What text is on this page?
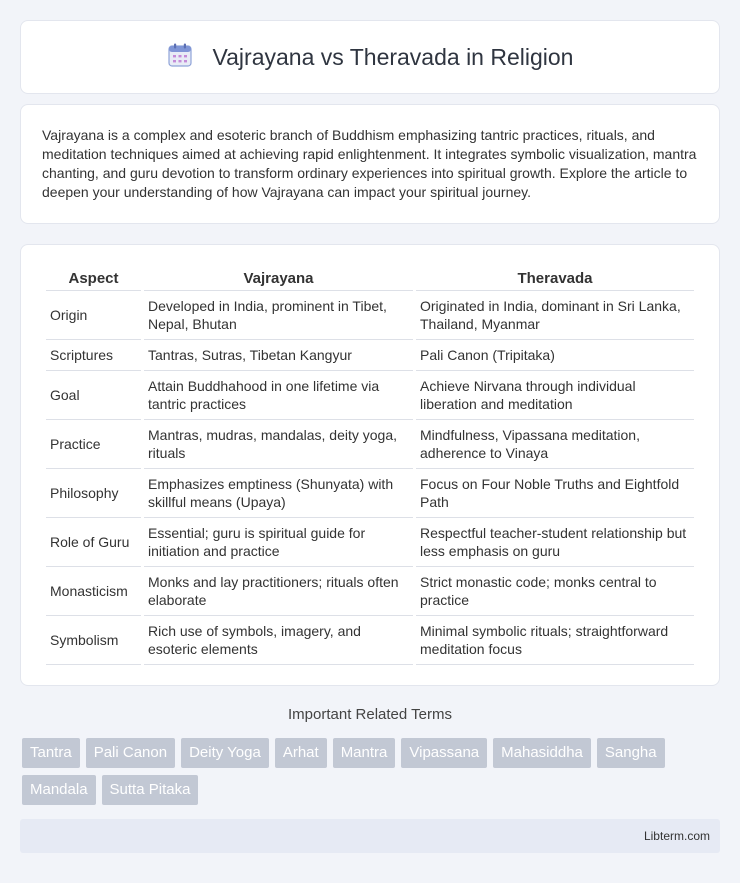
Vajrayana vs Theravada in Religion

Vajrayana is a complex and esoteric branch of Buddhism emphasizing tantric practices, rituals, and meditation techniques aimed at achieving rapid enlightenment. It integrates symbolic visualization, mantra chanting, and guru devotion to transform ordinary experiences into spiritual growth. Explore the article to deepen your understanding of how Vajrayana can impact your spiritual journey.

Aspect	Vajrayana	Theravada
Origin	Developed in India, prominent in Tibet, Nepal, Bhutan	Originated in India, dominant in Sri Lanka, Thailand, Myanmar
Scriptures	Tantras, Sutras, Tibetan Kangyur	Pali Canon (Tripitaka)
Goal	Attain Buddhahood in one lifetime via tantric practices	Achieve Nirvana through individual liberation and meditation
Practice	Mantras, mudras, mandalas, deity yoga, rituals	Mindfulness, Vipassana meditation, adherence to Vinaya
Philosophy	Emphasizes emptiness (Shunyata) with skillful means (Upaya)	Focus on Four Noble Truths and Eightfold Path
Role of Guru	Essential; guru is spiritual guide for initiation and practice	Respectful teacher-student relationship but less emphasis on guru
Monasticism	Monks and lay practitioners; rituals often elaborate	Strict monastic code; monks central to practice
Symbolism	Rich use of symbols, imagery, and esoteric elements	Minimal symbolic rituals; straightforward meditation focus
Important Related Terms
Tantra	Pali Canon	Deity Yoga	Arhat	Mantra	Vipassana	Mahasiddha	Sangha
Mandala	Sutta Pitaka
Libterm.com
